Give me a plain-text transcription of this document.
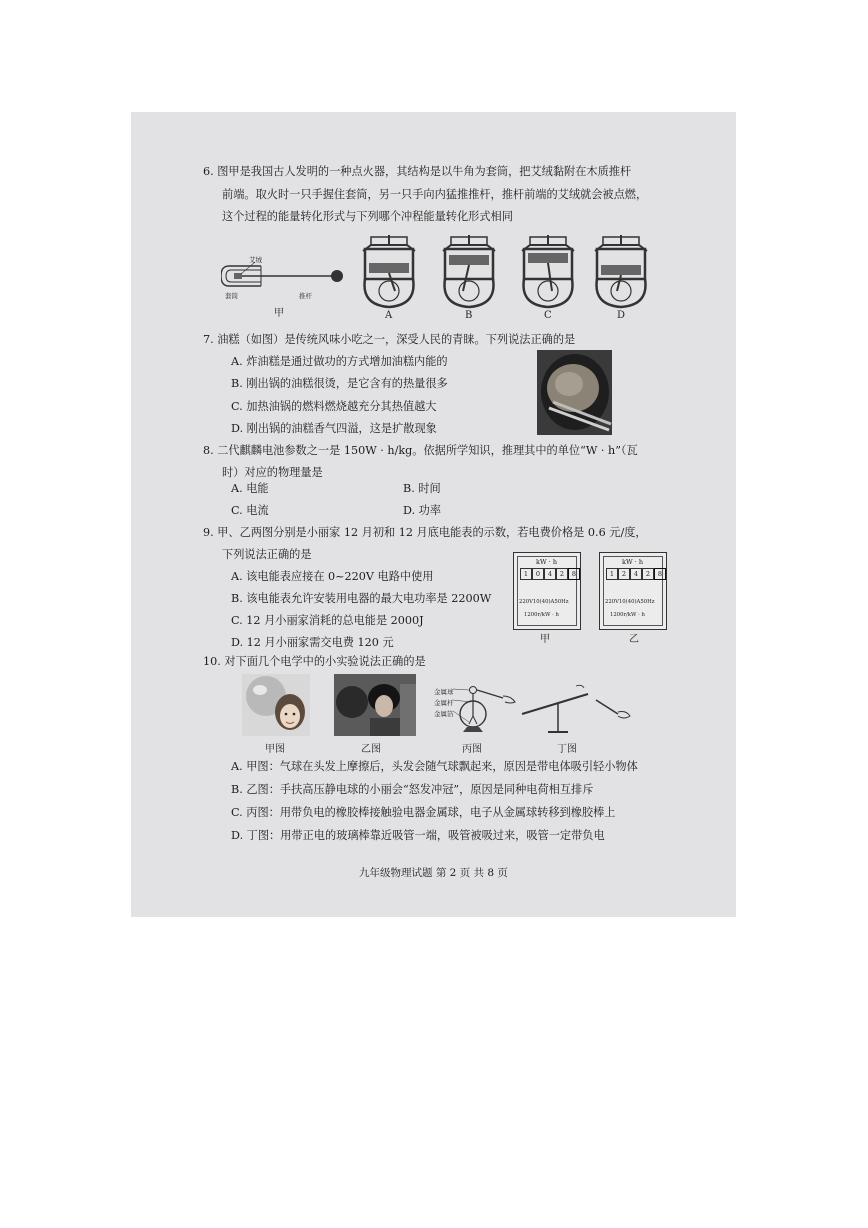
6. 图甲是我国古人发明的一种点火器，其结构是以牛角为套筒，把艾绒黏附在木质推杆
前端。取火时一只手握住套筒，另一只手向内猛推推杆，推杆前端的艾绒就会被点燃，
这个过程的能量转化形式与下列哪个冲程能量转化形式相同
艾绒
套筒	推杆
甲	A	B	C	D
7. 油糕（如图）是传统风味小吃之一，深受人民的青睐。下列说法正确的是
A. 炸油糕是通过做功的方式增加油糕内能的
B. 刚出锅的油糕很烫，是它含有的热量很多
C. 加热油锅的燃料燃烧越充分其热值越大
D. 刚出锅的油糕香气四溢，这是扩散现象
8. 二代麒麟电池参数之一是 150W · h/kg。依据所学知识，推理其中的单位“W · h”（瓦
时）对应的物理量是
A. 电能	B. 时间
C. 电流	D. 功率
9. 甲、乙两图分别是小丽家 12 月初和 12 月底电能表的示数，若电费价格是 0.6 元/度，
下列说法正确的是
A. 该电能表应接在 0~220V 电路中使用
B. 该电能表允许安装用电器的最大电功率是 2200W
C. 12 月小丽家消耗的总电能是 2000J
D. 12 月小丽家需交电费 120 元
kW · h
1	0	4	2	8
220V10(40)A50Hz
1200r/kW · h
甲
kW · h
1	2	4	2	8
220V10(40)A50Hz
1200r/kW · h
乙
10. 对下面几个电学中的小实验说法正确的是
金属球
金属杆
金属箔
甲图	乙图	丙图	丁图
A. 甲图：气球在头发上摩擦后，头发会随气球飘起来，原因是带电体吸引轻小物体
B. 乙图：手扶高压静电球的小丽会“怒发冲冠”，原因是同种电荷相互排斥
C. 丙图：用带负电的橡胶棒接触验电器金属球，电子从金属球转移到橡胶棒上
D. 丁图：用带正电的玻璃棒靠近吸管一端，吸管被吸过来，吸管一定带负电
九年级物理试题 第 2 页 共 8 页
